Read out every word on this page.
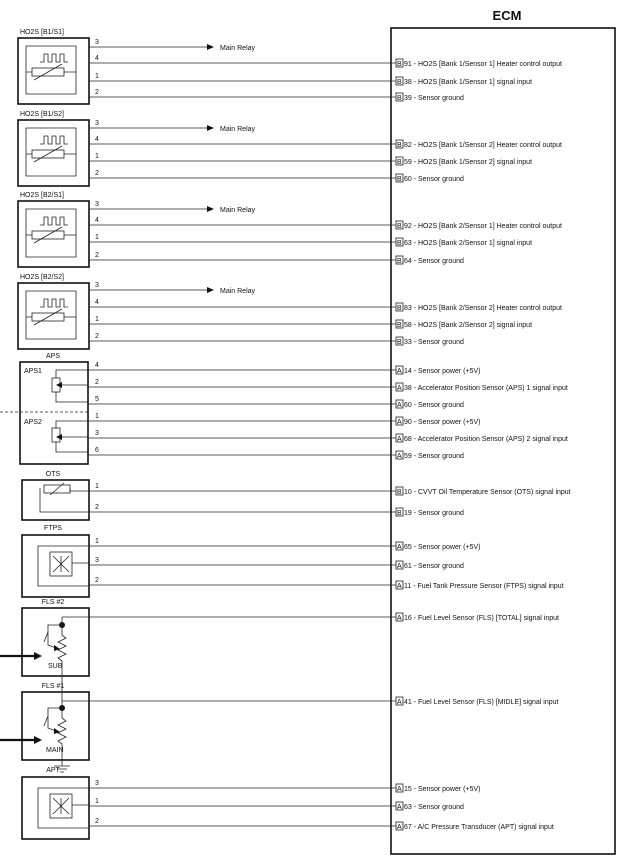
ECM
HO2S [B1/S1]
3
Main Relay
4
B 91 - HO2S [Bank 1/Sensor 1] Heater control output
1
B 38 - HO2S [Bank 1/Sensor 1] signal input
2
B 39 - Sensor ground
HO2S [B1/S2]
3
Main Relay
4
B 82 - HO2S [Bank 1/Sensor 2] Heater control output
1
B 59 - HO2S [Bank 1/Sensor 2] signal input
2
B 60 - Sensor ground
HO2S [B2/S1]
3
Main Relay
4
B 92 - HO2S [Bank 2/Sensor 1] Heater control output
1
B 63 - HO2S [Bank 2/Sensor 1] signal input
2
B 64 - Sensor ground
HO2S [B2/S2]
3
Main Relay
4
B 83 - HO2S [Bank 2/Sensor 2] Heater control output
1
B 58 - HO2S [Bank 2/Sensor 2] signal input
2
B 33 - Sensor ground
APS
APS1
APS2
4
A 14 - Sensor power (+5V)
2
A 38 - Accelerator Position Sensor (APS) 1 signal input
5
A 60 - Sensor ground
1
A 90 - Sensor power (+5V)
3
A 68 - Accelerator Position Sensor (APS) 2 signal input
6
A 59 - Sensor ground
OTS
1
B 10 - CVVT Oil Temperature Sensor (OTS) signal input
2
B 19 - Sensor ground
FTPS
1
A 65 - Sensor power (+5V)
3
A 61 - Sensor ground
2
A 11 - Fuel Tank Pressure Sensor (FTPS) signal input
FLS #2
SUB
A 16 - Fuel Level Sensor (FLS) [TOTAL] signal input
FLS #1
MAIN
A 41 - Fuel Level Sensor (FLS) [MIDLE] signal input
APT
3
A 15 - Sensor power (+5V)
1
A 63 - Sensor ground
2
A 67 - A/C Pressure Transducer (APT) signal input
